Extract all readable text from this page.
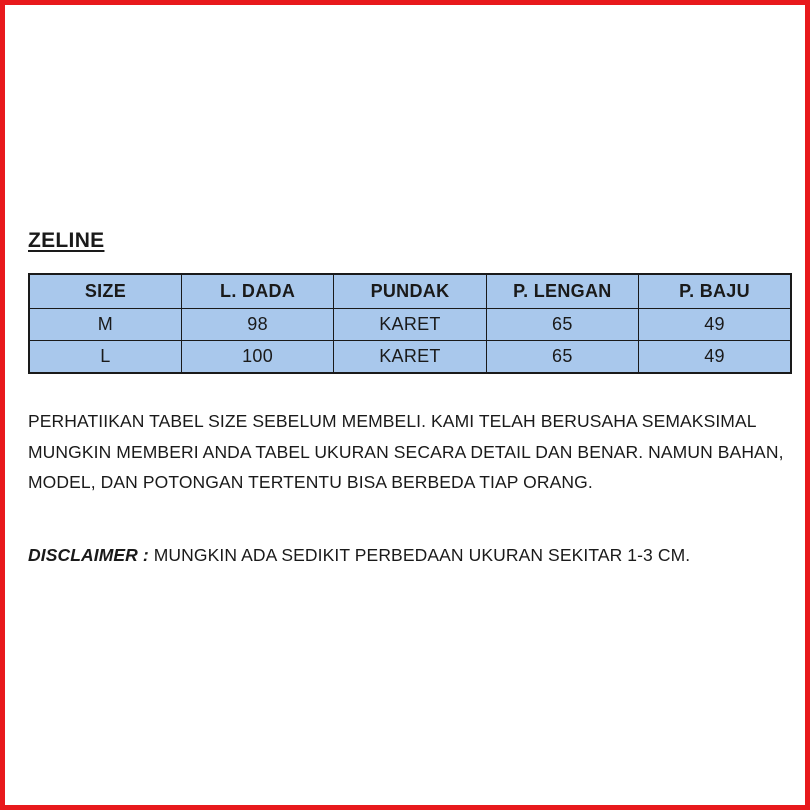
ZELINE
SIZE	L. DADA	PUNDAK	P. LENGAN	P. BAJU
M	98	KARET	65	49
L	100	KARET	65	49

PERHATIIKAN TABEL SIZE SEBELUM MEMBELI. KAMI TELAH BERUSAHA SEMAKSIMAL MUNGKIN MEMBERI ANDA TABEL UKURAN SECARA DETAIL DAN BENAR. NAMUN BAHAN, MODEL, DAN POTONGAN TERTENTU BISA BERBEDA TIAP ORANG.

DISCLAIMER : MUNGKIN ADA SEDIKIT PERBEDAAN UKURAN SEKITAR 1-3 CM.
